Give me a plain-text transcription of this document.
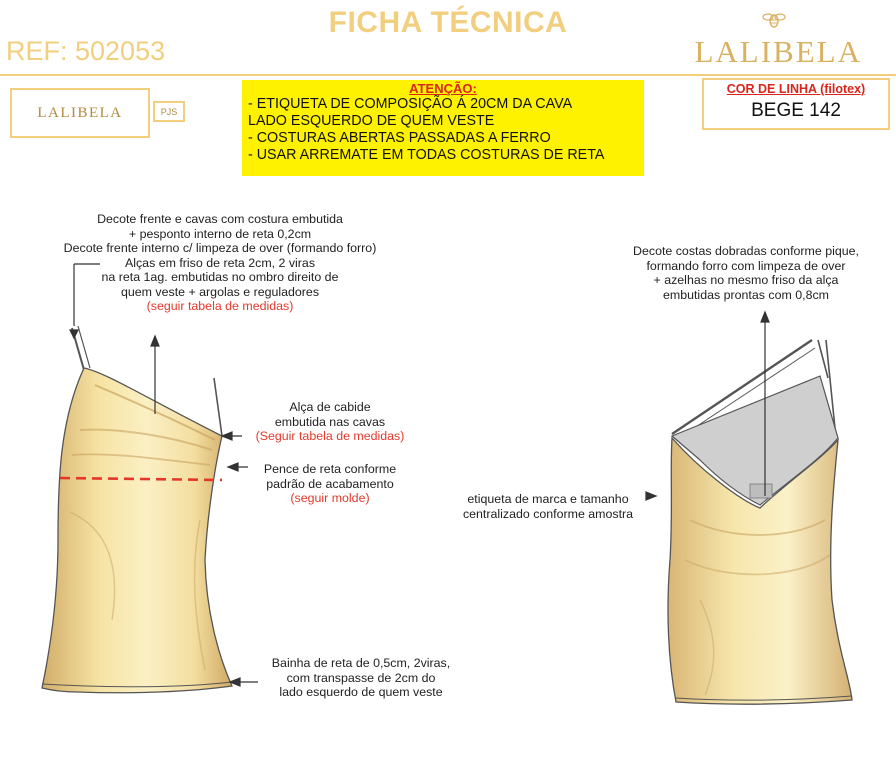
FICHA TÉCNICA
REF: 502053	LALIBELA
LALIBELA	PJS
ATENÇÃO:
- ETIQUETA DE COMPOSIÇÃO Á 20CM DA CAVA
LADO ESQUERDO DE QUEM VESTE
- COSTURAS ABERTAS PASSADAS A FERRO
- USAR ARREMATE EM TODAS COSTURAS DE RETA
COR DE LINHA (filotex)
BEGE 142
Decote frente e cavas com costura embutida
+ pesponto interno de reta 0,2cm
Decote frente interno c/ limpeza de over (formando forro)
Alças em friso de reta 2cm, 2 viras
na reta 1ag. embutidas no ombro direito de
quem veste + argolas e reguladores
(seguir tabela de medidas)
Alça de cabide
embutida nas cavas
(Seguir tabela de medidas)
Pence de reta conforme
padrão de acabamento
(seguir molde)
Bainha de reta de 0,5cm, 2viras,
com transpasse de 2cm do
lado esquerdo de quem veste
Decote costas dobradas conforme pique,
formando forro com limpeza de over
+ azelhas no mesmo friso da alça
embutidas prontas com 0,8cm
etiqueta de marca e tamanho
centralizado conforme amostra
